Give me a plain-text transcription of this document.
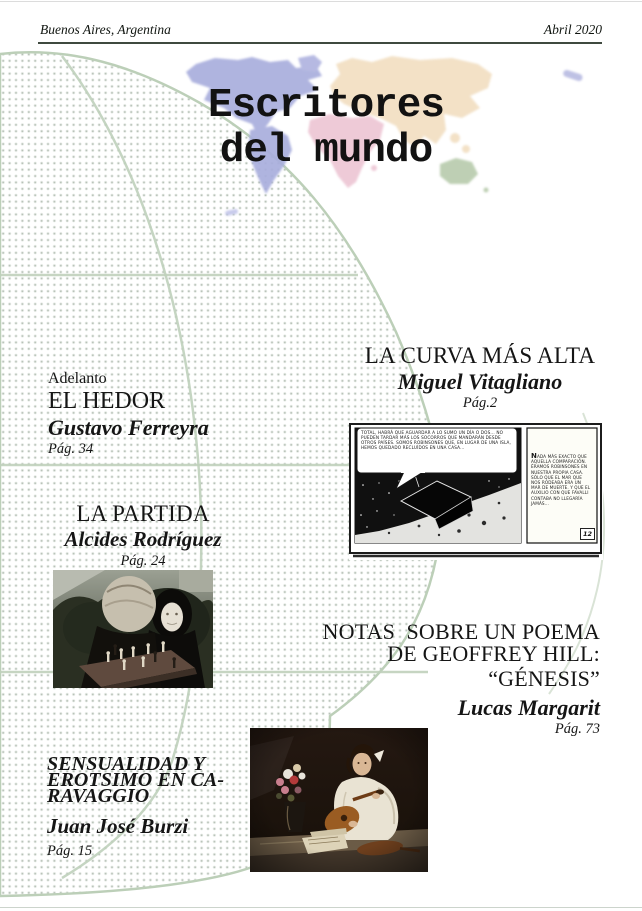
Buenos Aires, Argentina	Abril 2020
Escritores
del mundo
LA CURVA MÁS ALTA
Miguel Vitagliano
Pág.2
TOTAL, HABRÁ QUE AGUARDAR A LO SUMO UN DÍA O DOS... NO PUEDEN TARDAR MÁS LOS SOCORROS QUE MANDARÁN DESDE OTROS PAÍSES. SOMOS ROBINSONES QUE, EN LUGAR DE UNA ISLA, HEMOS QUEDADO RECLUÍDOS EN UNA CASA...
NADA MÁS EXACTO QUE AQUELLA COMPARACIÓN. ÉRAMOS ROBINSONES EN NUESTRA PROPIA CASA. SÓLO QUE EL MAR QUE NOS RODEABA ERA UN MAR DE MUERTE. Y QUE EL AUXILIO CON QUE FAVALLI CONTABA NO LLEGARÍA JAMÁS...
12
Adelanto
EL HEDOR
Gustavo Ferreyra
Pág. 34
LA PARTIDA
Alcides Rodríguez
Pág. 24
NOTAS  SOBRE UN POEMA
DE GEOFFREY HILL:
“GÉNESIS”
Lucas Margarit
Pág. 73
SENSUALIDAD Y
EROTSIMO EN CA-
RAVAGGIO
Juan José Burzi
Pág. 15
